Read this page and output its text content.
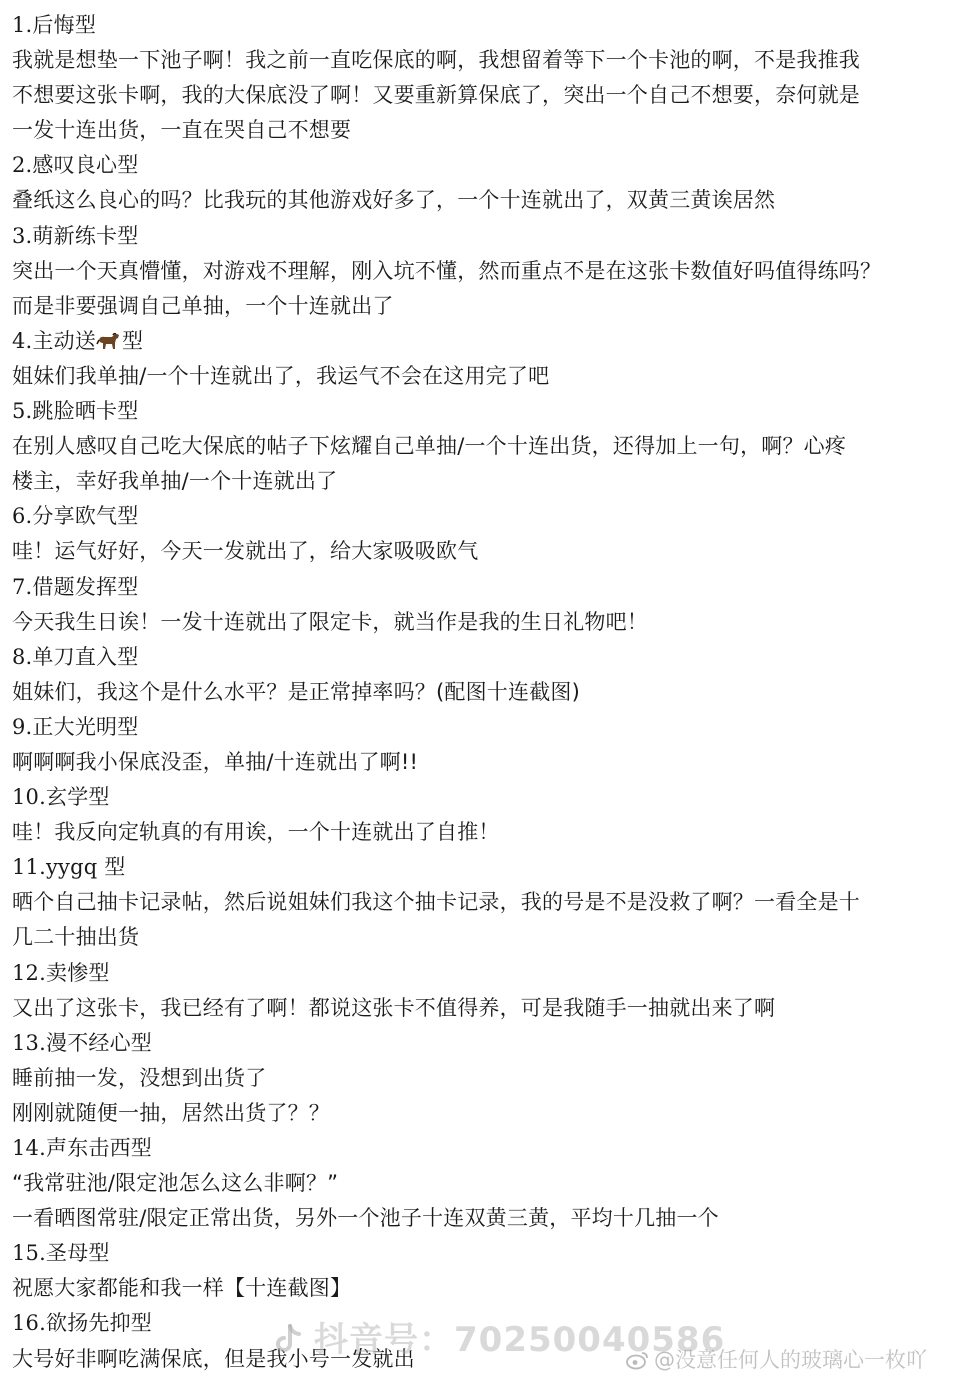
1.后悔型
我就是想垫一下池子啊！我之前一直吃保底的啊，我想留着等下一个卡池的啊，不是我推我
不想要这张卡啊，我的大保底没了啊！又要重新算保底了，突出一个自己不想要，奈何就是
一发十连出货，一直在哭自己不想要
2.感叹良心型
叠纸这么良心的吗？比我玩的其他游戏好多了，一个十连就出了，双黄三黄诶居然
3.萌新练卡型
突出一个天真懵懂，对游戏不理解，刚入坑不懂，然而重点不是在这张卡数值好吗值得练吗？
而是非要强调自己单抽，一个十连就出了
4.主动送 型
姐妹们我单抽/一个十连就出了，我运气不会在这用完了吧
5.跳脸晒卡型
在别人感叹自己吃大保底的帖子下炫耀自己单抽/一个十连出货，还得加上一句，啊？心疼
楼主，幸好我单抽/一个十连就出了
6.分享欧气型
哇！运气好好，今天一发就出了，给大家吸吸欧气
7.借题发挥型
今天我生日诶！一发十连就出了限定卡，就当作是我的生日礼物吧！
8.单刀直入型
姐妹们，我这个是什么水平？是正常掉率吗？(配图十连截图)
9.正大光明型
啊啊啊我小保底没歪，单抽/十连就出了啊!!
10.玄学型
哇！我反向定轨真的有用诶，一个十连就出了自推！
11.yygq 型
晒个自己抽卡记录帖，然后说姐妹们我这个抽卡记录，我的号是不是没救了啊？一看全是十
几二十抽出货
12.卖惨型
又出了这张卡，我已经有了啊！都说这张卡不值得养，可是我随手一抽就出来了啊
13.漫不经心型
睡前抽一发，没想到出货了
刚刚就随便一抽，居然出货了？？
14.声东击西型
“我常驻池/限定池怎么这么非啊？”
一看晒图常驻/限定正常出货，另外一个池子十连双黄三黄，平均十几抽一个
15.圣母型
祝愿大家都能和我一样【十连截图】
16.欲扬先抑型
大号好非啊吃满保底，但是我小号一发就出
抖音号：70250040586
@没意任何人的玻璃心一枚吖
